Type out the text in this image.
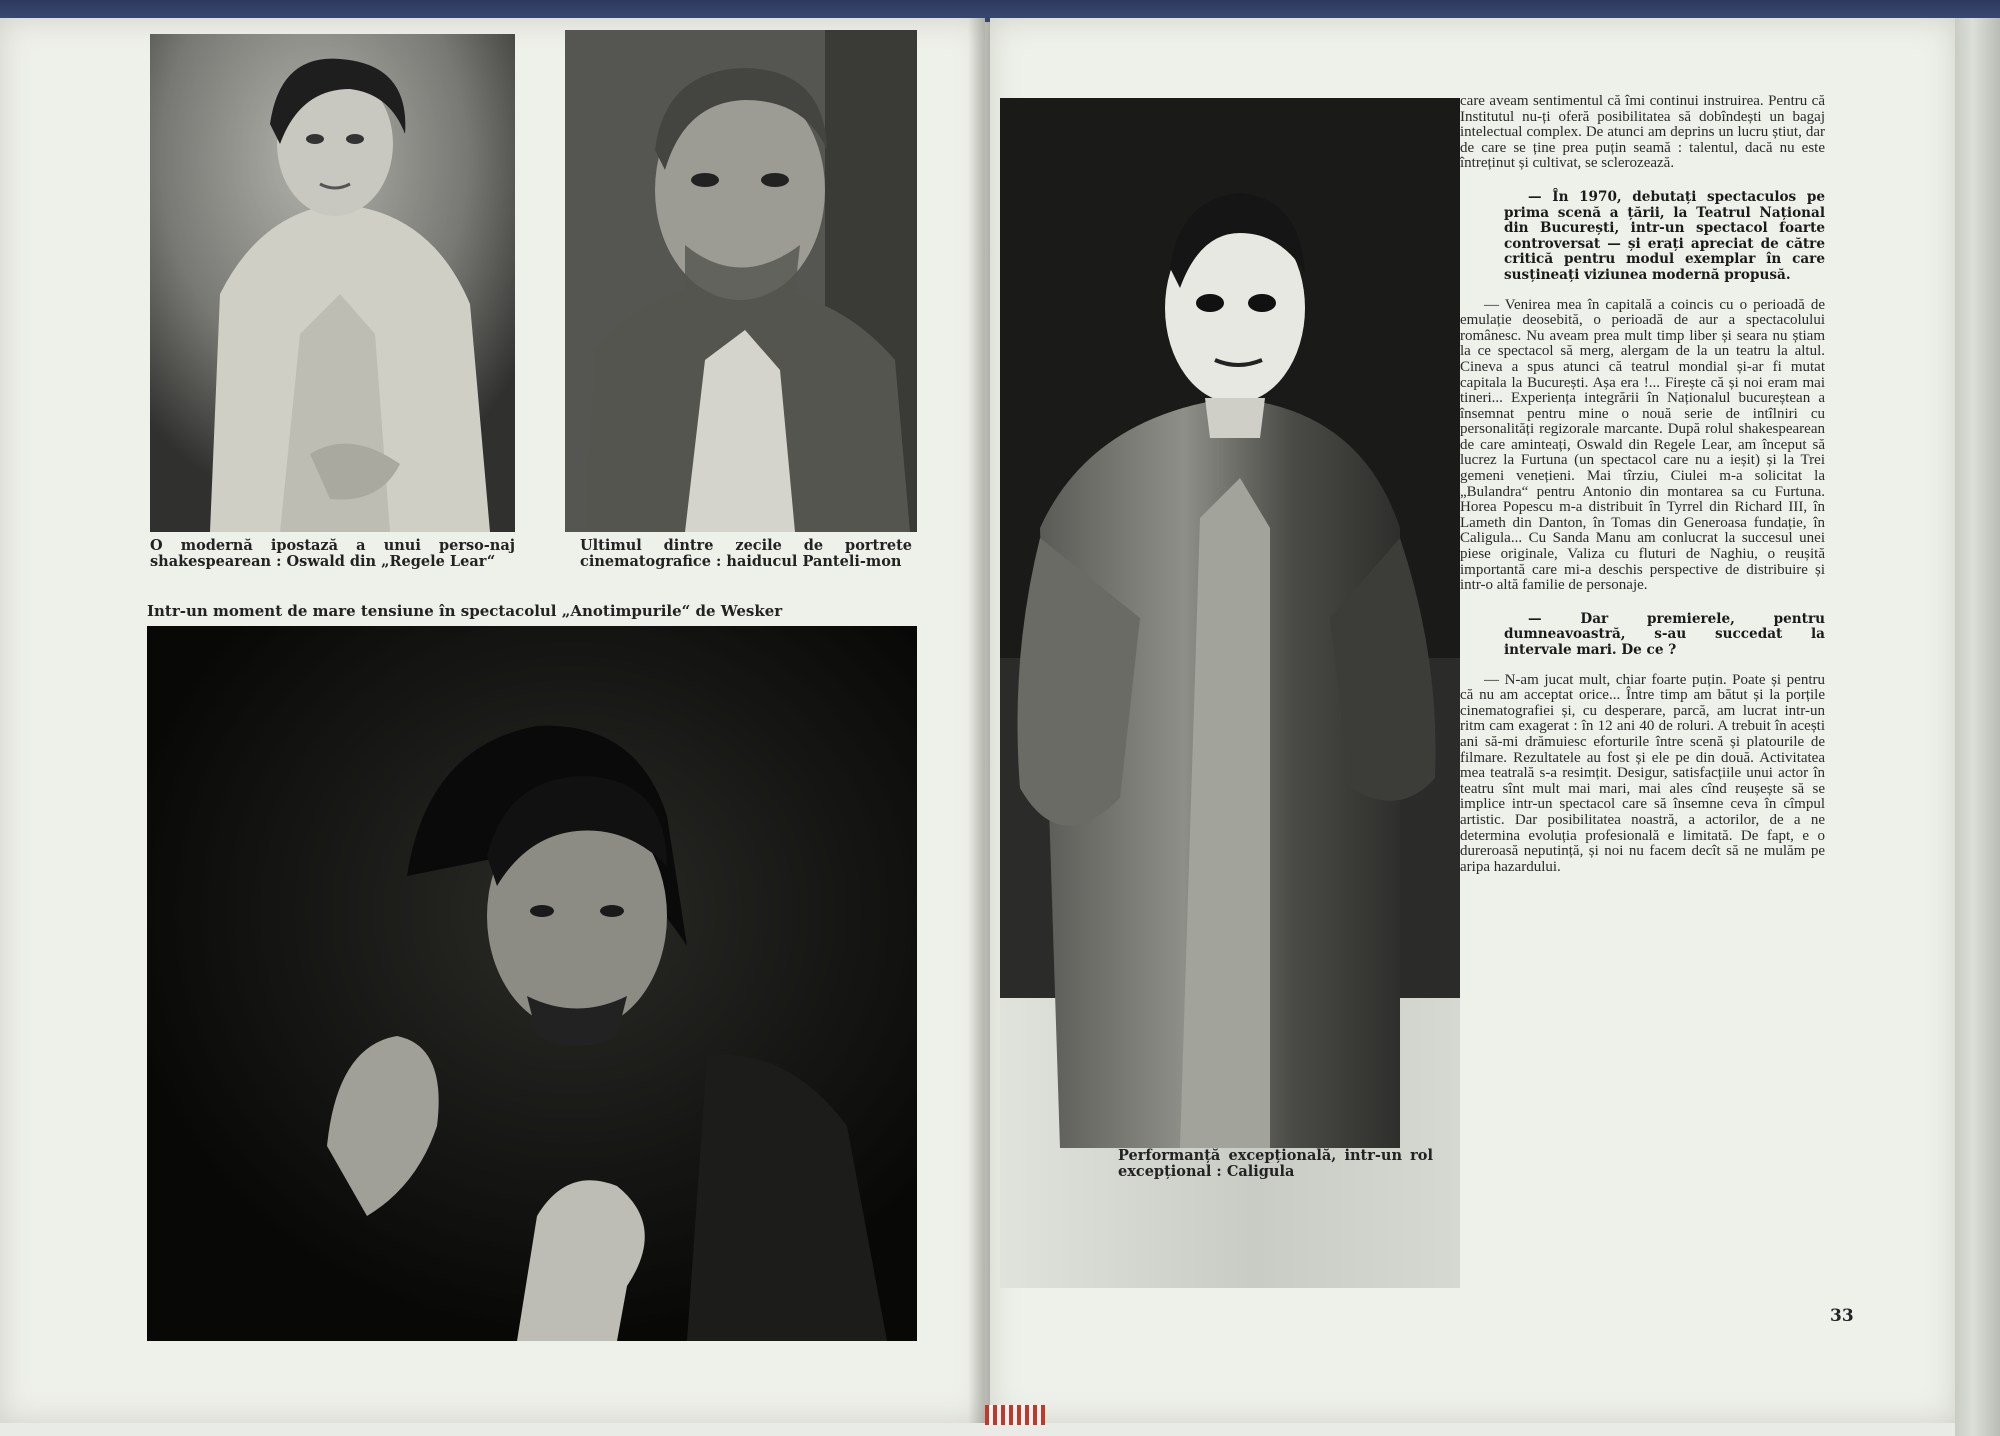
O modernă ipostază a unui perso-naj shakespearean : Oswald din „Regele Lear“
Ultimul dintre zecile de portrete cinematografice : haiducul Panteli-mon
Intr-un moment de mare tensiune în spectacolul „Anotimpurile“ de Wesker
Performanță excepțională, intr-un rol excepțional : Caligula

care aveam sentimentul că îmi continui instruirea. Pentru că Institutul nu-ți oferă posibilitatea să dobîndești un bagaj intelectual complex. De atunci am deprins un lucru știut, dar de care se ține prea puțin seamă : talentul, dacă nu este întreținut și cultivat, se sclerozează.

— În 1970, debutați spectaculos pe prima scenă a țării, la Teatrul Național din București, intr-un spectacol foarte controversat — și erați apreciat de către critică pentru modul exemplar în care susțineați viziunea modernă propusă.

— Venirea mea în capitală a coincis cu o perioadă de emulație deosebită, o perioadă de aur a spectacolului românesc. Nu aveam prea mult timp liber și seara nu știam la ce spectacol să merg, alergam de la un teatru la altul. Cineva a spus atunci că teatrul mondial și-ar fi mutat capitala la București. Așa era !... Firește că și noi eram mai tineri... Experiența integrării în Naționalul bucureștean a însemnat pentru mine o nouă serie de intîlniri cu personalități regizorale marcante. După rolul shakespearean de care aminteați, Oswald din Regele Lear, am început să lucrez la Furtuna (un spectacol care nu a ieșit) și la Trei gemeni venețieni. Mai tîrziu, Ciulei m-a solicitat la „Bulandra“ pentru Antonio din montarea sa cu Furtuna. Horea Popescu m-a distribuit în Tyrrel din Richard III, în Lameth din Danton, în Tomas din Generoasa fundație, în Caligula... Cu Sanda Manu am conlucrat la succesul unei piese originale, Valiza cu fluturi de Naghiu, o reușită importantă care mi-a deschis perspective de distribuire și intr-o altă familie de personaje.

— Dar premierele, pentru dumneavoastră, s-au succedat la intervale mari. De ce ?

— N-am jucat mult, chiar foarte puțin. Poate și pentru că nu am acceptat orice... Între timp am bătut și la porțile cinematografiei și, cu desperare, parcă, am lucrat intr-un ritm cam exagerat : în 12 ani 40 de roluri. A trebuit în acești ani să-mi drămuiesc eforturile între scenă și platourile de filmare. Rezultatele au fost și ele pe din două. Activitatea mea teatrală s-a resimțit. Desigur, satisfacțiile unui actor în teatru sînt mult mai mari, mai ales cînd reușește să se implice intr-un spectacol care să însemne ceva în cîmpul artistic. Dar posibilitatea noastră, a actorilor, de a ne determina evoluția profesională e limitată. De fapt, e o dureroasă neputință, și noi nu facem decît să ne mulăm pe aripa hazardului.

33
